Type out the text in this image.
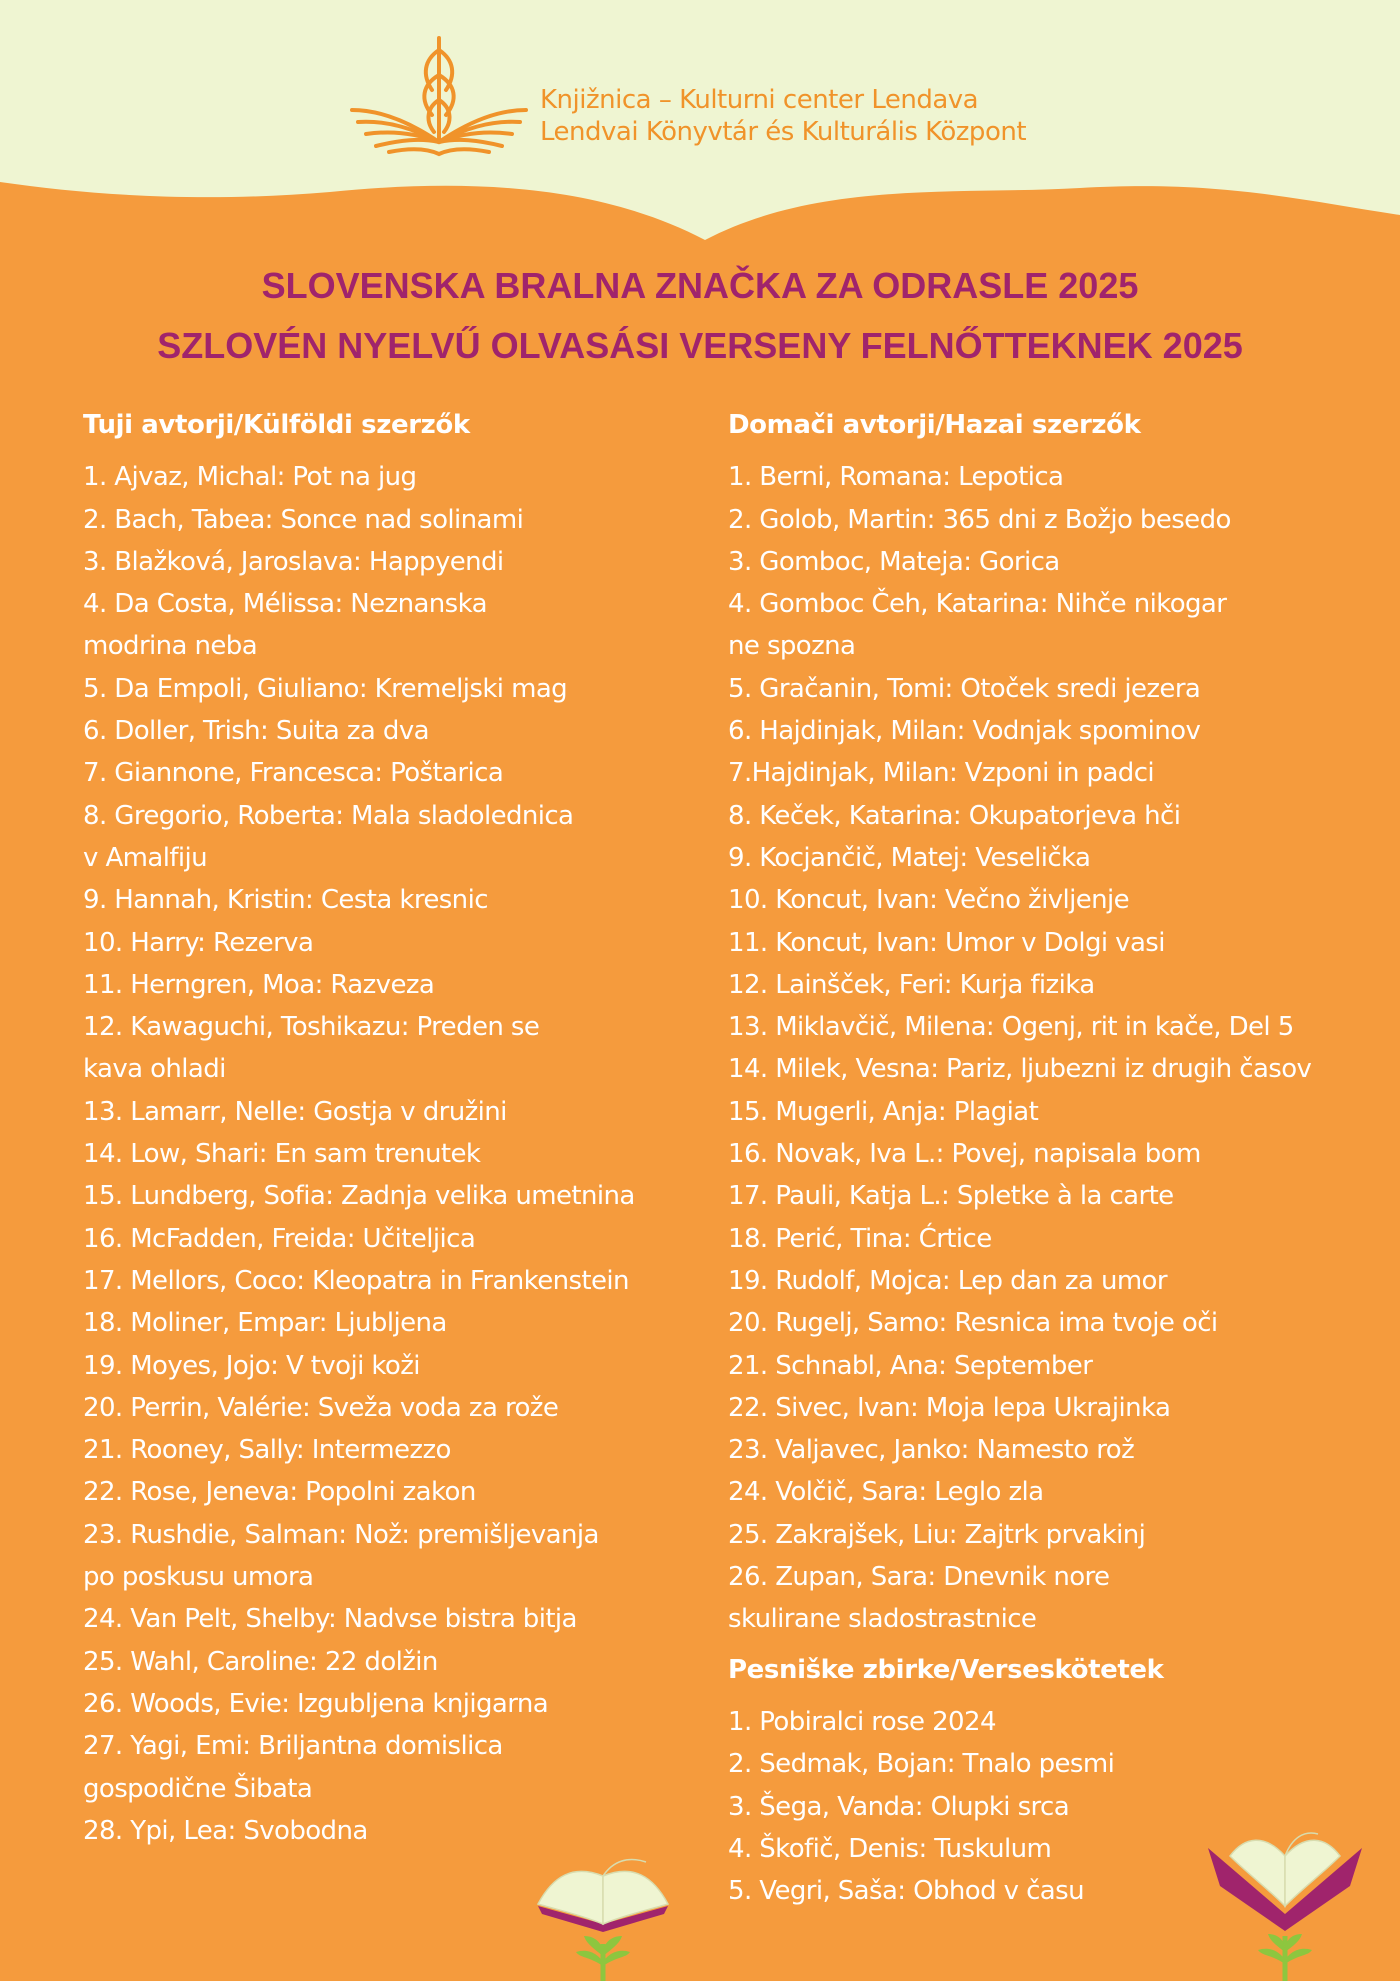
Knjižnica – Kulturni center Lendava
Lendvai Könyvtár és Kulturális Központ
SLOVENSKA BRALNA ZNAČKA ZA ODRASLE 2025
SZLOVÉN NYELVŰ OLVASÁSI VERSENY FELNŐTTEKNEK 2025
Tuji avtorji/Külföldi szerzők
1. Ajvaz, Michal: Pot na jug
2. Bach, Tabea: Sonce nad solinami
3. Blažková, Jaroslava: Happyendi
4. Da Costa, Mélissa: Neznanska
modrina neba
5. Da Empoli, Giuliano: Kremeljski mag
6. Doller, Trish: Suita za dva
7. Giannone, Francesca: Poštarica
8. Gregorio, Roberta: Mala sladolednica
v Amalfiju
9. Hannah, Kristin: Cesta kresnic
10. Harry: Rezerva
11. Herngren, Moa: Razveza
12. Kawaguchi, Toshikazu: Preden se
kava ohladi
13. Lamarr, Nelle: Gostja v družini
14. Low, Shari: En sam trenutek
15. Lundberg, Sofia: Zadnja velika umetnina
16. McFadden, Freida: Učiteljica
17. Mellors, Coco: Kleopatra in Frankenstein
18. Moliner, Empar: Ljubljena
19. Moyes, Jojo: V tvoji koži
20. Perrin, Valérie: Sveža voda za rože
21. Rooney, Sally: Intermezzo
22. Rose, Jeneva: Popolni zakon
23. Rushdie, Salman: Nož: premišljevanja
po poskusu umora
24. Van Pelt, Shelby: Nadvse bistra bitja
25. Wahl, Caroline: 22 dolžin
26. Woods, Evie: Izgubljena knjigarna
27. Yagi, Emi: Briljantna domislica
gospodične Šibata
28. Ypi, Lea: Svobodna
Domači avtorji/Hazai szerzők
1. Berni, Romana: Lepotica
2. Golob, Martin: 365 dni z Božjo besedo
3. Gomboc, Mateja: Gorica
4. Gomboc Čeh, Katarina: Nihče nikogar
ne spozna
5. Gračanin, Tomi: Otoček sredi jezera
6. Hajdinjak, Milan: Vodnjak spominov
7.Hajdinjak, Milan: Vzponi in padci
8. Keček, Katarina: Okupatorjeva hči
9. Kocjančič, Matej: Veselička
10. Koncut, Ivan: Večno življenje
11. Koncut, Ivan: Umor v Dolgi vasi
12. Lainšček, Feri: Kurja fizika
13. Miklavčič, Milena: Ogenj, rit in kače, Del 5
14. Milek, Vesna: Pariz, ljubezni iz drugih časov
15. Mugerli, Anja: Plagiat
16. Novak, Iva L.: Povej, napisala bom
17. Pauli, Katja L.: Spletke à la carte
18. Perić, Tina: Ćrtice
19. Rudolf, Mojca: Lep dan za umor
20. Rugelj, Samo: Resnica ima tvoje oči
21. Schnabl, Ana: September
22. Sivec, Ivan: Moja lepa Ukrajinka
23. Valjavec, Janko: Namesto rož
24. Volčič, Sara: Leglo zla
25. Zakrajšek, Liu: Zajtrk prvakinj
26. Zupan, Sara: Dnevnik nore
skulirane sladostrastnice
Pesniške zbirke/Verseskötetek
1. Pobiralci rose 2024
2. Sedmak, Bojan: Tnalo pesmi
3. Šega, Vanda: Olupki srca
4. Škofič, Denis: Tuskulum
5. Vegri, Saša: Obhod v času
